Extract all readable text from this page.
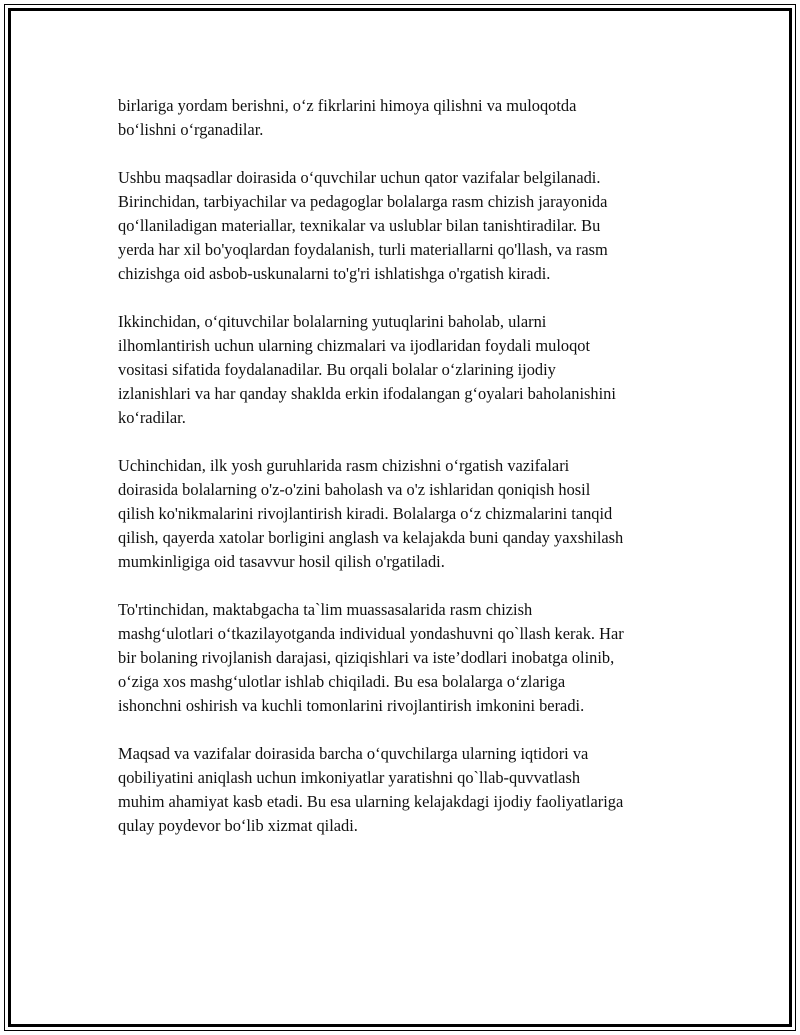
birlariga yordam berishni, o‘z fikrlarini himoya qilishni va muloqotda
bo‘lishni o‘rganadilar.

Ushbu maqsadlar doirasida o‘quvchilar uchun qator vazifalar belgilanadi.
Birinchidan, tarbiyachilar va pedagoglar bolalarga rasm chizish jarayonida
qo‘llaniladigan materiallar, texnikalar va uslublar bilan tanishtiradilar. Bu
yerda har xil bo'yoqlardan foydalanish, turli materiallarni qo'llash, va rasm
chizishga oid asbob-uskunalarni to'g'ri ishlatishga o'rgatish kiradi.

Ikkinchidan, o‘qituvchilar bolalarning yutuqlarini baholab, ularni
ilhomlantirish uchun ularning chizmalari va ijodlaridan foydali muloqot
vositasi sifatida foydalanadilar. Bu orqali bolalar o‘zlarining ijodiy
izlanishlari va har qanday shaklda erkin ifodalangan g‘oyalari baholanishini
ko‘radilar.

Uchinchidan, ilk yosh guruhlarida rasm chizishni o‘rgatish vazifalari
doirasida bolalarning o'z-o'zini baholash va o'z ishlaridan qoniqish hosil
qilish ko'nikmalarini rivojlantirish kiradi. Bolalarga o‘z chizmalarini tanqid
qilish, qayerda xatolar borligini anglash va kelajakda buni qanday yaxshilash
mumkinligiga oid tasavvur hosil qilish o'rgatiladi.

To'rtinchidan, maktabgacha ta`lim muassasalarida rasm chizish
mashg‘ulotlari o‘tkazilayotganda individual yondashuvni qo`llash kerak. Har
bir bolaning rivojlanish darajasi, qiziqishlari va iste’dodlari inobatga olinib,
o‘ziga xos mashg‘ulotlar ishlab chiqiladi. Bu esa bolalarga o‘zlariga
ishonchni oshirish va kuchli tomonlarini rivojlantirish imkonini beradi.

Maqsad va vazifalar doirasida barcha o‘quvchilarga ularning iqtidori va
qobiliyatini aniqlash uchun imkoniyatlar yaratishni qo`llab-quvvatlash
muhim ahamiyat kasb etadi. Bu esa ularning kelajakdagi ijodiy faoliyatlariga
qulay poydevor bo‘lib xizmat qiladi.
